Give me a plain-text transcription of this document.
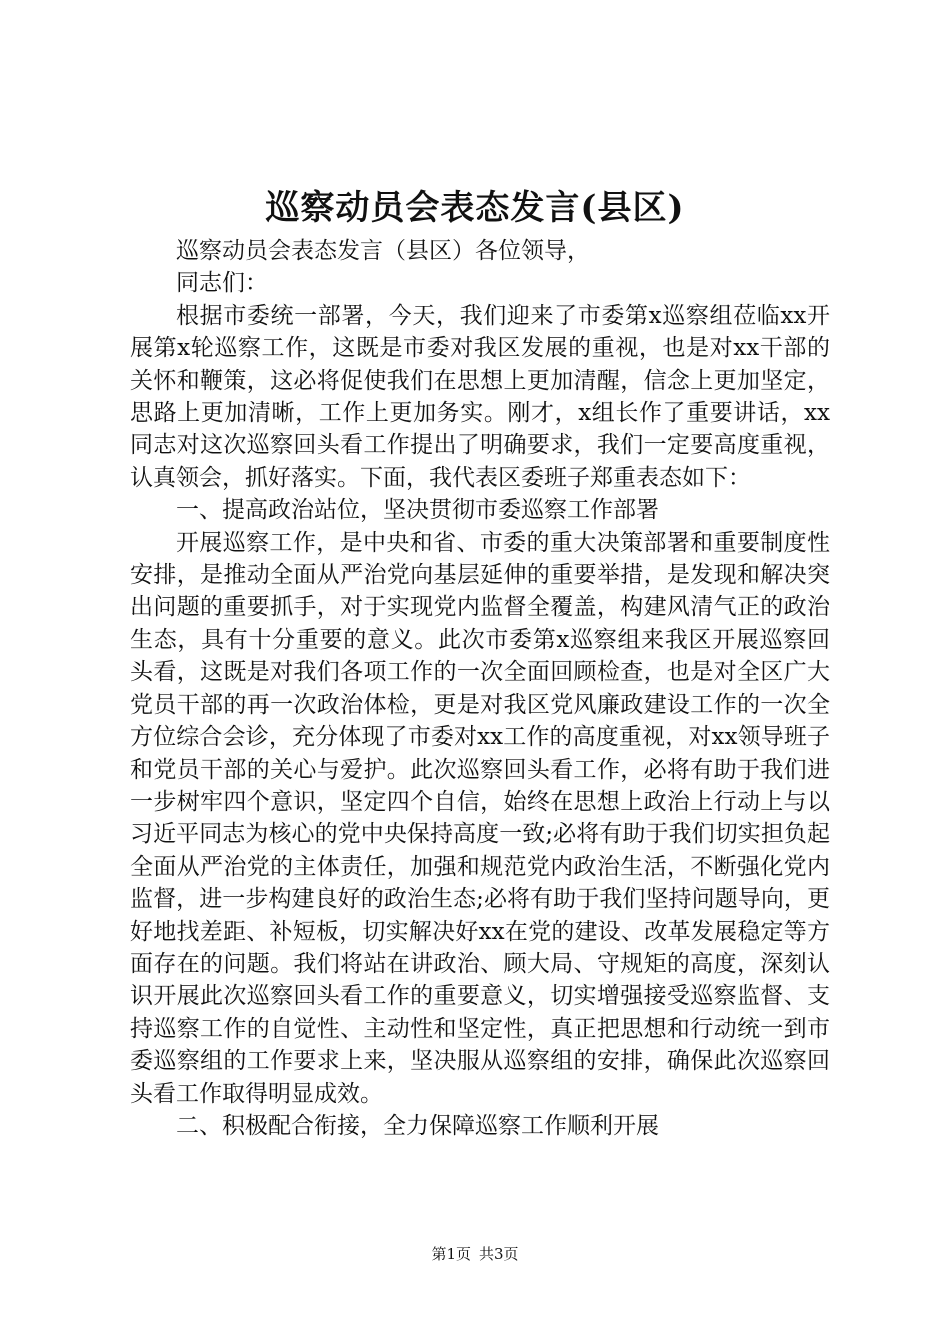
巡察动员会表态发言(县区)

巡察动员会表态发言（县区）各位领导，

同志们：

根据市委统一部署，今天，我们迎来了市委第x巡察组莅临xx开展第x轮巡察工作，这既是市委对我区发展的重视，也是对xx干部的关怀和鞭策，这必将促使我们在思想上更加清醒，信念上更加坚定，思路上更加清晰，工作上更加务实。刚才，x组长作了重要讲话，xx同志对这次巡察回头看工作提出了明确要求，我们一定要高度重视，认真领会，抓好落实。下面，我代表区委班子郑重表态如下：

一、提高政治站位，坚决贯彻市委巡察工作部署

开展巡察工作，是中央和省、市委的重大决策部署和重要制度性安排，是推动全面从严治党向基层延伸的重要举措，是发现和解决突出问题的重要抓手，对于实现党内监督全覆盖，构建风清气正的政治生态，具有十分重要的意义。此次市委第x巡察组来我区开展巡察回头看，这既是对我们各项工作的一次全面回顾检查，也是对全区广大党员干部的再一次政治体检，更是对我区党风廉政建设工作的一次全方位综合会诊，充分体现了市委对xx工作的高度重视，对xx领导班子和党员干部的关心与爱护。此次巡察回头看工作，必将有助于我们进一步树牢四个意识，坚定四个自信，始终在思想上政治上行动上与以习近平同志为核心的党中央保持高度一致;必将有助于我们切实担负起全面从严治党的主体责任，加强和规范党内政治生活，不断强化党内监督，进一步构建良好的政治生态;必将有助于我们坚持问题导向，更好地找差距、补短板，切实解决好xx在党的建设、改革发展稳定等方面存在的问题。我们将站在讲政治、顾大局、守规矩的高度，深刻认识开展此次巡察回头看工作的重要意义，切实增强接受巡察监督、支持巡察工作的自觉性、主动性和坚定性，真正把思想和行动统一到市委巡察组的工作要求上来，坚决服从巡察组的安排，确保此次巡察回头看工作取得明显成效。

二、积极配合衔接，全力保障巡察工作顺利开展

第1页 共3页
